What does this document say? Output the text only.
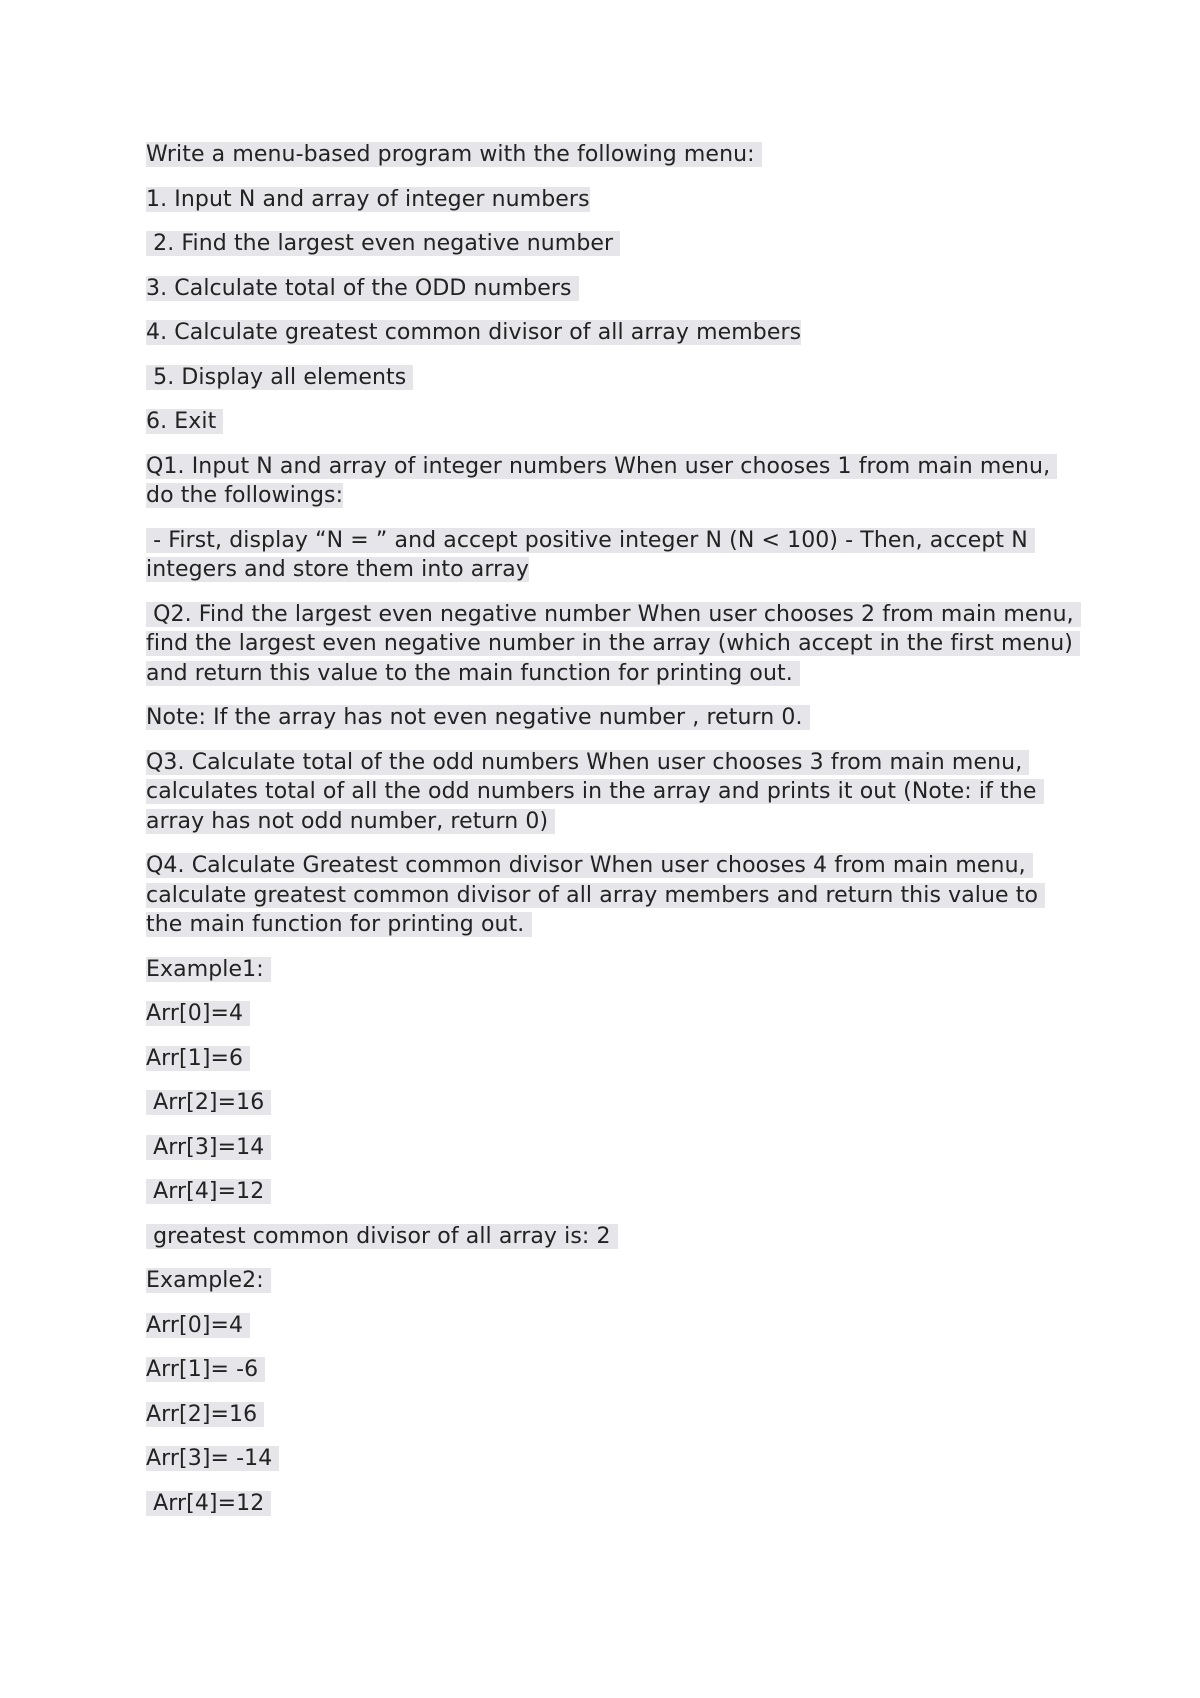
Write a menu-based program with the following menu:

1. Input N and array of integer numbers

2. Find the largest even negative number

3. Calculate total of the ODD numbers

4. Calculate greatest common divisor of all array members

5. Display all elements

6. Exit

Q1. Input N and array of integer numbers When user chooses 1 from main menu, do the followings:

- First, display “N = ” and accept positive integer N (N < 100) - Then, accept N integers and store them into array

Q2. Find the largest even negative number When user chooses 2 from main menu, find the largest even negative number in the array (which accept in the first menu) and return this value to the main function for printing out.

Note: If the array has not even negative number , return 0.

Q3. Calculate total of the odd numbers When user chooses 3 from main menu, calculates total of all the odd numbers in the array and prints it out (Note: if the array has not odd number, return 0)

Q4. Calculate Greatest common divisor When user chooses 4 from main menu, calculate greatest common divisor of all array members and return this value to the main function for printing out.

Example1:

Arr[0]=4

Arr[1]=6

Arr[2]=16

Arr[3]=14

Arr[4]=12

greatest common divisor of all array is: 2

Example2:

Arr[0]=4

Arr[1]= -6

Arr[2]=16

Arr[3]= -14

Arr[4]=12
